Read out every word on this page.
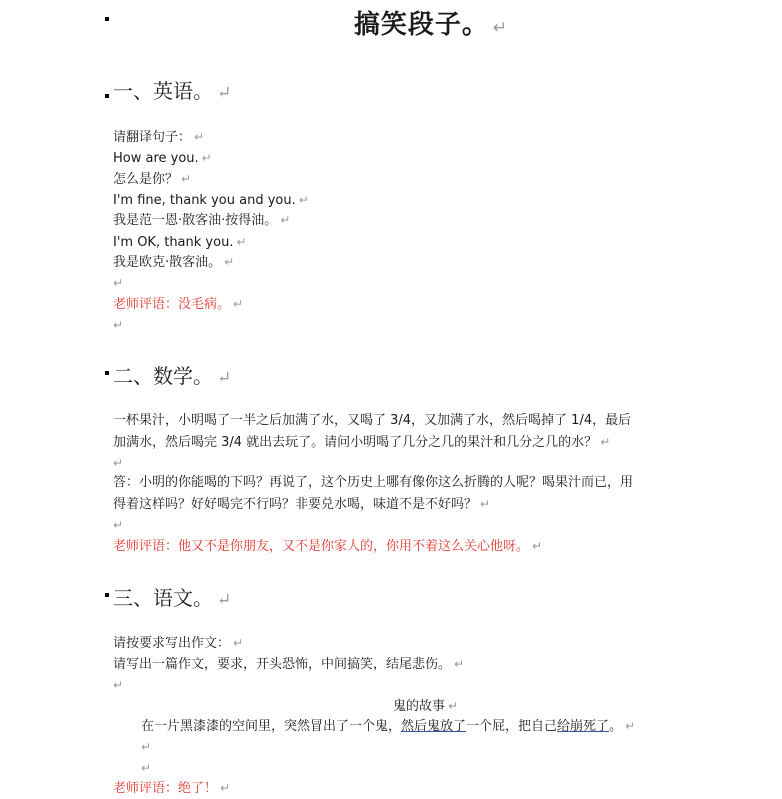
搞笑段子。 ↵
一、英语。 ↵
请翻译句子： ↵
How are you. ↵
怎么是你？ ↵
I'm fine, thank you and you. ↵
我是范一恩·散客油·按得油。 ↵
I'm OK, thank you. ↵
我是欧克·散客油。 ↵
↵
老师评语：没毛病。 ↵
↵
二、数学。 ↵
一杯果汁，小明喝了一半之后加满了水，又喝了 3/4，又加满了水，然后喝掉了 1/4，最后
加满水，然后喝完 3/4 就出去玩了。请问小明喝了几分之几的果汁和几分之几的水？ ↵
↵
答：小明的你能喝的下吗？再说了，这个历史上哪有像你这么折腾的人呢？喝果汁而已，用
得着这样吗？好好喝完不行吗？非要兑水喝，味道不是不好吗？ ↵
↵
老师评语：他又不是你朋友，又不是你家人的，你用不着这么关心他呀。 ↵
三、语文。 ↵
请按要求写出作文： ↵
请写出一篇作文，要求，开头恐怖，中间搞笑，结尾悲伤。 ↵
↵
鬼的故事 ↵
在一片黑漆漆的空间里，突然冒出了一个鬼，然后鬼放了一个屁，把自己给崩死了。 ↵
↵
↵
老师评语：绝了！ ↵
